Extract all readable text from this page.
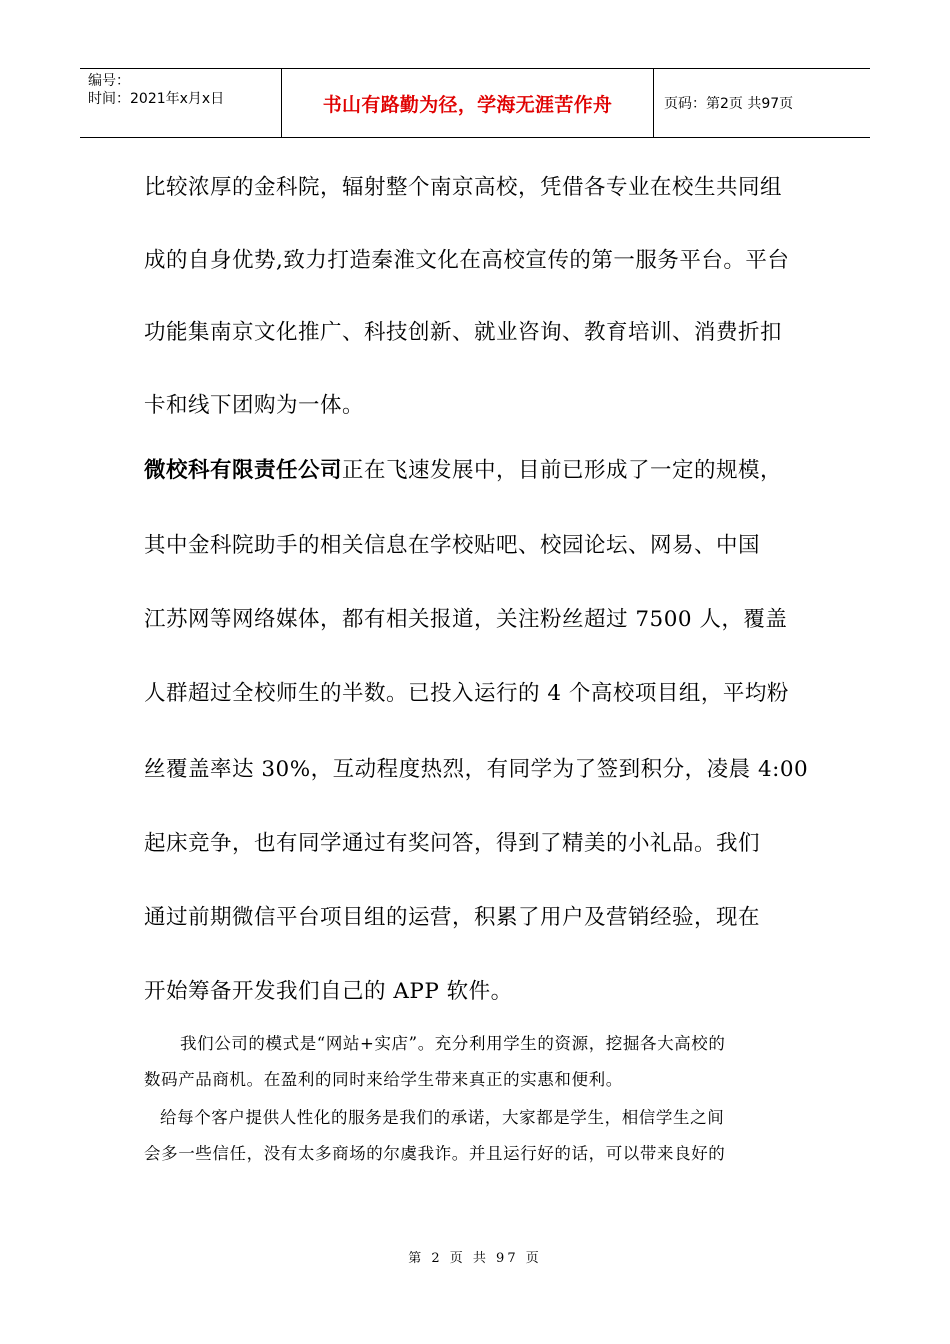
编号：
时间：2021年x月x日	书山有路勤为径，学海无涯苦作舟	页码：第2页 共97页
比较浓厚的金科院，辐射整个南京高校，凭借各专业在校生共同组
成的自身优势,致力打造秦淮文化在高校宣传的第一服务平台。平台
功能集南京文化推广、科技创新、就业咨询、教育培训、消费折扣
卡和线下团购为一体。
微校科有限责任公司正在飞速发展中，目前已形成了一定的规模，
其中金科院助手的相关信息在学校贴吧、校园论坛、网易、中国
江苏网等网络媒体，都有相关报道，关注粉丝超过 7500 人，覆盖
人群超过全校师生的半数。已投入运行的 4 个高校项目组，平均粉
丝覆盖率达 30%，互动程度热烈，有同学为了签到积分，凌晨 4:00
起床竞争，也有同学通过有奖问答，得到了精美的小礼品。我们
通过前期微信平台项目组的运营，积累了用户及营销经验，现在
开始筹备开发我们自己的 APP 软件。
我们公司的模式是“网站+实店”。充分利用学生的资源，挖掘各大高校的
数码产品商机。在盈利的同时来给学生带来真正的实惠和便利。
给每个客户提供人性化的服务是我们的承诺，大家都是学生，相信学生之间
会多一些信任，没有太多商场的尔虞我诈。并且运行好的话，可以带来良好的
第 2 页 共 97 页
